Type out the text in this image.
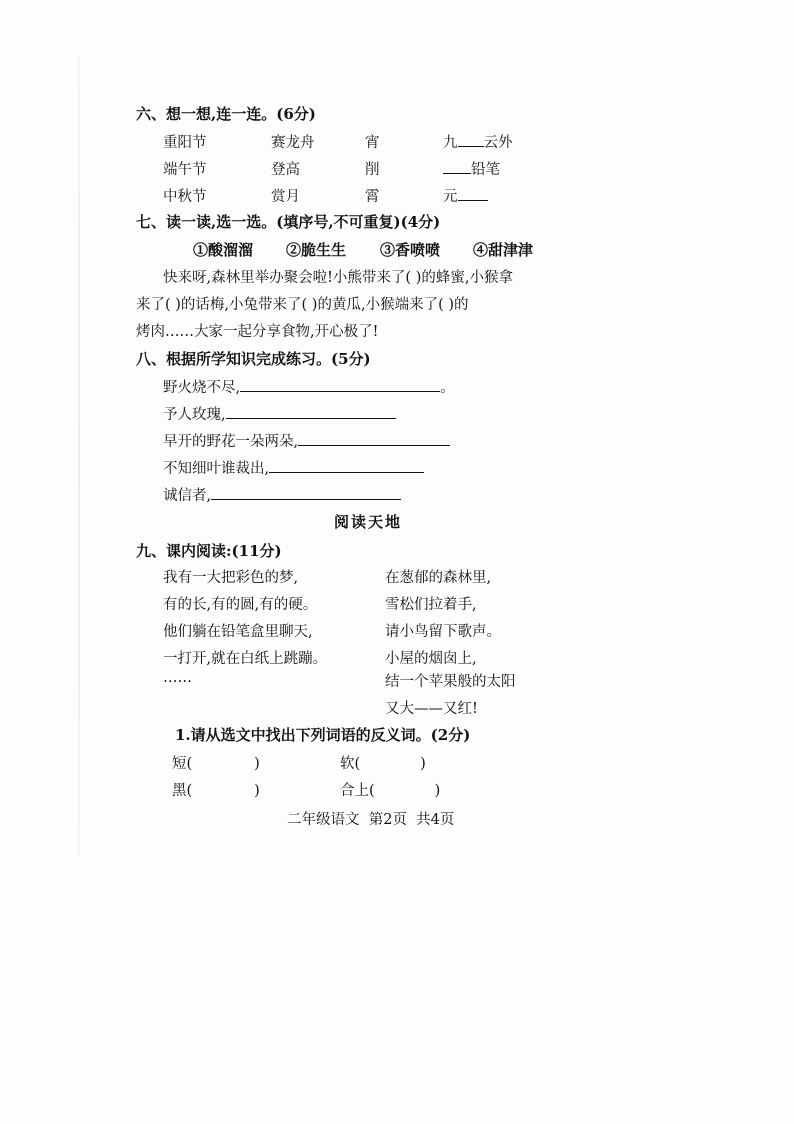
六、想一想,连一连。(6分)
重阳节	赛龙舟	宵	九 云外
端午节	登高	削	铅笔
中秋节	赏月	霄	元
七、读一读,选一选。(填序号,不可重复)(4分)
①酸溜溜 ②脆生生 ③香喷喷 ④甜津津
快来呀,森林里举办聚会啦!小熊带来了( )的蜂蜜,小猴拿
来了( )的话梅,小兔带来了( )的黄瓜,小猴端来了( )的
烤肉……大家一起分享食物,开心极了!
八、根据所学知识完成练习。(5分)
野火烧不尽,	。
予人玫瑰,
早开的野花一朵两朵,
不知细叶谁裁出,
诚信者,
阅读天地
九、课内阅读:(11分)
我有一大把彩色的梦,
有的长,有的圆,有的硬。
他们躺在铅笔盒里聊天,
一打开,就在白纸上跳蹦。
……
在葱郁的森林里,
雪松们拉着手,
请小鸟留下歌声。
小屋的烟囱上,
结一个苹果般的太阳
又大——又红!
1.请从选文中找出下列词语的反义词。(2分)
短(	)	软(	)
黑(	)	合上(	)
二年级语文  第2页  共4页
